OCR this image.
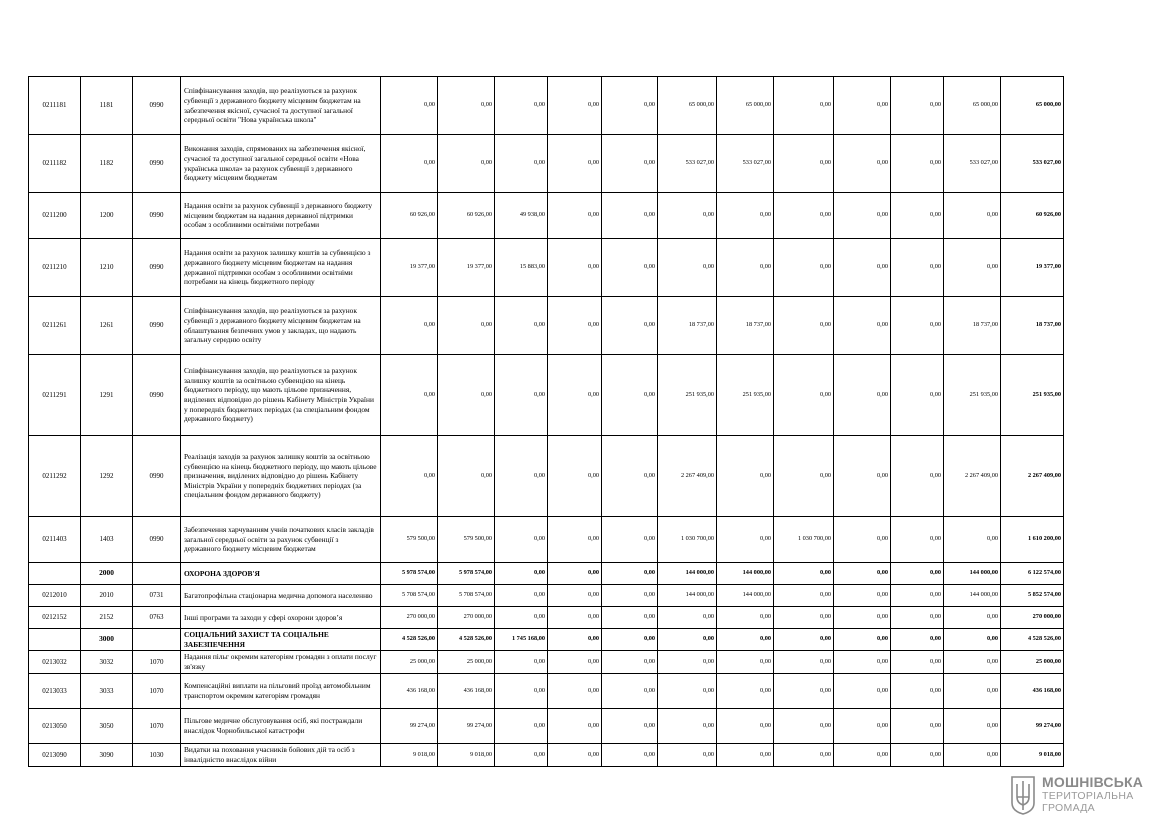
0211181	1181	0990	Співфінансування заходів, що реалізуються за рахунок субвенції з державного бюджету місцевим бюджетам на забезпечення якісної, сучасної та доступної загальної середньої освіти "Нова українська школа"	0,00	0,00	0,00	0,00	0,00	65 000,00	65 000,00	0,00	0,00	0,00	65 000,00	65 000,00
0211182	1182	0990	Виконання заходів, спрямованих на забезпечення якісної, сучасної та доступної загальної середньої освіти «Нова українська школа» за рахунок субвенції з державного бюджету місцевим бюджетам	0,00	0,00	0,00	0,00	0,00	533 027,00	533 027,00	0,00	0,00	0,00	533 027,00	533 027,00
0211200	1200	0990	Надання освіти за рахунок субвенції з державного бюджету місцевим бюджетам на надання державної підтримки особам з особливими освітніми потребами	60 926,00	60 926,00	49 938,00	0,00	0,00	0,00	0,00	0,00	0,00	0,00	0,00	60 926,00
0211210	1210	0990	Надання освіти за рахунок залишку коштів за субвенцією з державного бюджету місцевим бюджетам на надання державної підтримки особам з особливими освітніми потребами на кінець бюджетного періоду	19 377,00	19 377,00	15 883,00	0,00	0,00	0,00	0,00	0,00	0,00	0,00	0,00	19 377,00
0211261	1261	0990	Співфінансування заходів, що реалізуються за рахунок субвенції з державного бюджету місцевим бюджетам на облаштування безпечних умов у закладах, що надають загальну середню освіту	0,00	0,00	0,00	0,00	0,00	18 737,00	18 737,00	0,00	0,00	0,00	18 737,00	18 737,00
0211291	1291	0990	Співфінансування заходів, що реалізуються за рахунок залишку коштів за освітньою субвенцією на кінець бюджетного періоду, що мають цільове призначення, виділених відповідно до рішень Кабінету Міністрів України у попередніх бюджетних періодах (за спеціальним фондом державного бюджету)	0,00	0,00	0,00	0,00	0,00	251 935,00	251 935,00	0,00	0,00	0,00	251 935,00	251 935,00
0211292	1292	0990	Реалізація заходів за рахунок залишку коштів за освітньою субвенцією на кінець бюджетного періоду, що мають цільове призначення, виділених відповідно до рішень Кабінету Міністрів України у попередніх бюджетних періодах (за спеціальним фондом державного бюджету)	0,00	0,00	0,00	0,00	0,00	2 267 409,00	0,00	0,00	0,00	0,00	2 267 409,00	2 267 409,00
0211403	1403	0990	Забезпечення харчуванням учнів початкових класів закладів загальної середньої освіти за рахунок субвенції з державного бюджету місцевим бюджетам	579 500,00	579 500,00	0,00	0,00	0,00	1 030 700,00	0,00	1 030 700,00	0,00	0,00	0,00	1 610 200,00
	2000		ОХОРОНА ЗДОРОВ'Я	5 978 574,00	5 978 574,00	0,00	0,00	0,00	144 000,00	144 000,00	0,00	0,00	0,00	144 000,00	6 122 574,00
0212010	2010	0731	Багатопрофільна стаціонарна медична допомога населенню	5 708 574,00	5 708 574,00	0,00	0,00	0,00	144 000,00	144 000,00	0,00	0,00	0,00	144 000,00	5 852 574,00
0212152	2152	0763	Інші програми та заходи у сфері охорони здоров’я	270 000,00	270 000,00	0,00	0,00	0,00	0,00	0,00	0,00	0,00	0,00	0,00	270 000,00
	3000		СОЦІАЛЬНИЙ ЗАХИСТ ТА СОЦІАЛЬНЕ ЗАБЕЗПЕЧЕННЯ	4 528 526,00	4 528 526,00	1 745 168,00	0,00	0,00	0,00	0,00	0,00	0,00	0,00	0,00	4 528 526,00
0213032	3032	1070	Надання пільг окремим категоріям громадян з оплати послуг зв'язку	25 000,00	25 000,00	0,00	0,00	0,00	0,00	0,00	0,00	0,00	0,00	0,00	25 000,00
0213033	3033	1070	Компенсаційні виплати на пільговий проїзд автомобільним транспортом окремим категоріям громадян	436 168,00	436 168,00	0,00	0,00	0,00	0,00	0,00	0,00	0,00	0,00	0,00	436 168,00
0213050	3050	1070	Пільгове медичне обслуговування осіб, які постраждали внаслідок Чорнобильської катастрофи	99 274,00	99 274,00	0,00	0,00	0,00	0,00	0,00	0,00	0,00	0,00	0,00	99 274,00
0213090	3090	1030	Видатки на поховання учасників бойових дій та осіб з інвалідністю внаслідок війни	9 018,00	9 018,00	0,00	0,00	0,00	0,00	0,00	0,00	0,00	0,00	0,00	9 018,00
МОШНІВСЬКА
ТЕРИТОРІАЛЬНА
ГРОМАДА
